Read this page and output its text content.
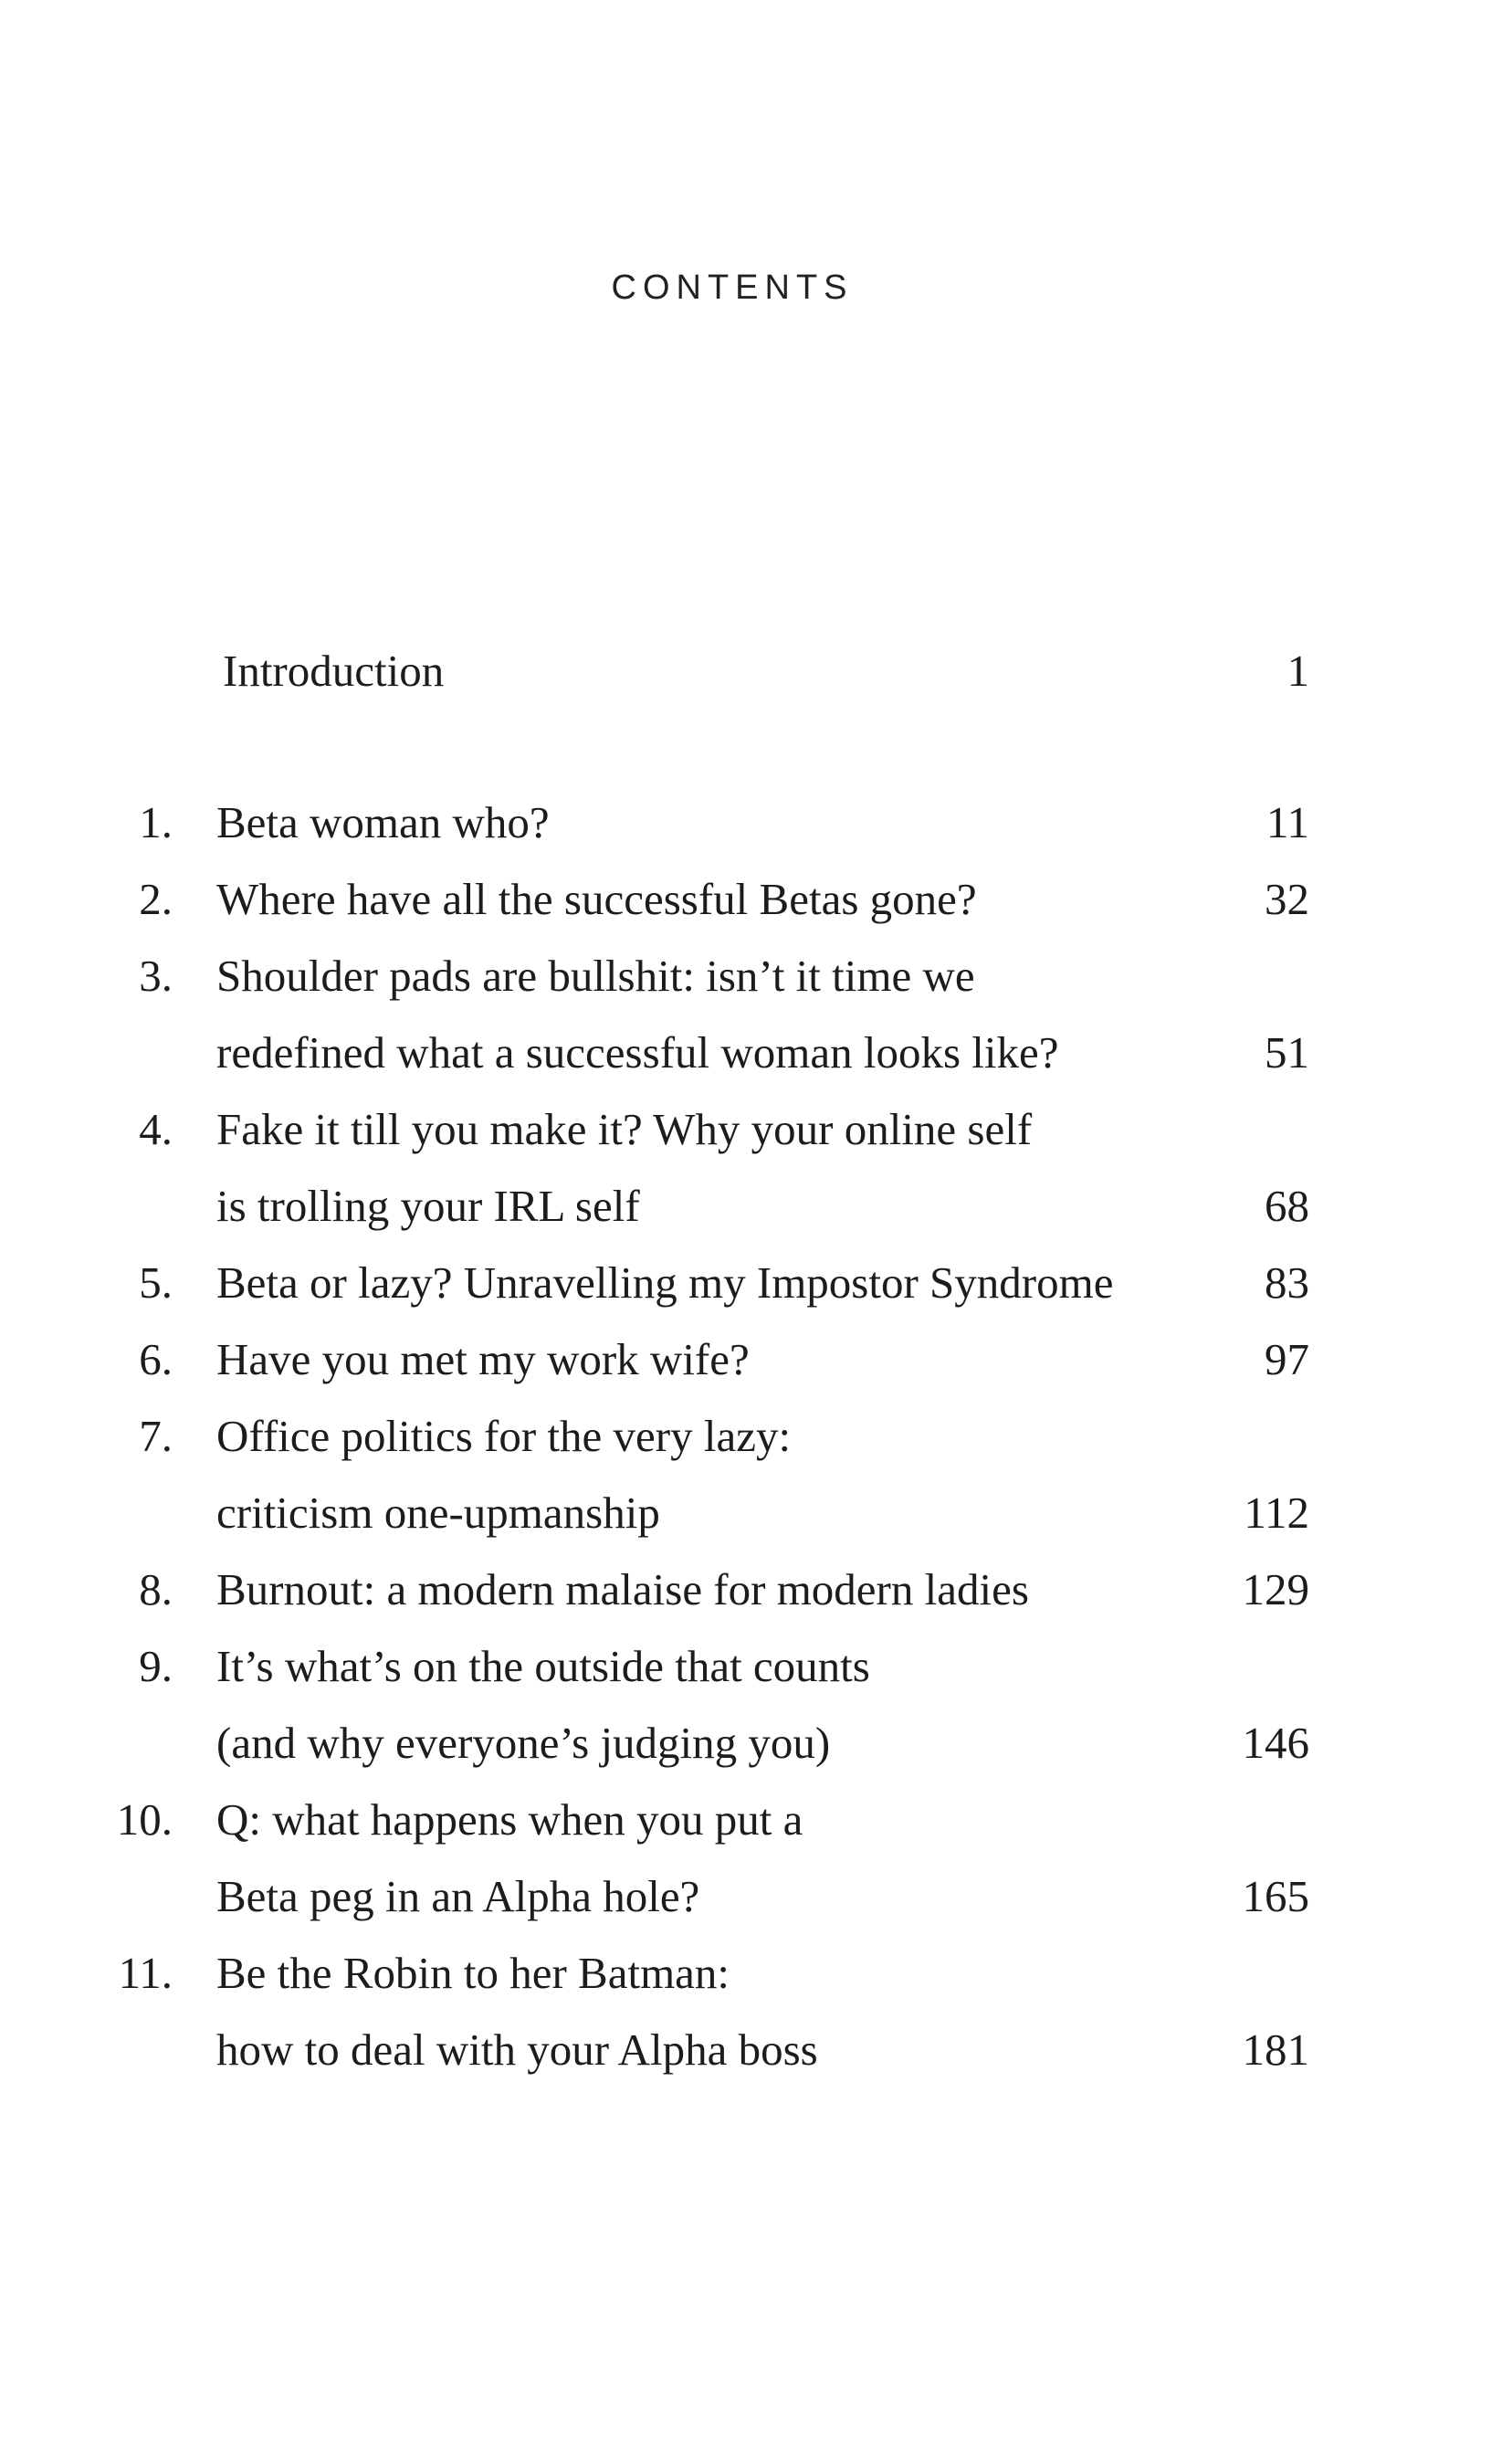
CONTENTS
Introduction	1
1. Beta woman who?	11
2. Where have all the successful Betas gone?	32
3. Shoulder pads are bullshit: isn’t it time we
redefined what a successful woman looks like?	51
4. Fake it till you make it? Why your online self
is trolling your IRL self	68
5. Beta or lazy? Unravelling my Impostor Syndrome	83
6. Have you met my work wife?	97
7. Office politics for the very lazy:
criticism one-upmanship	112
8. Burnout: a modern malaise for modern ladies	129
9. It’s what’s on the outside that counts
(and why everyone’s judging you)	146
10. Q: what happens when you put a
Beta peg in an Alpha hole?	165
11. Be the Robin to her Batman:
how to deal with your Alpha boss	181
